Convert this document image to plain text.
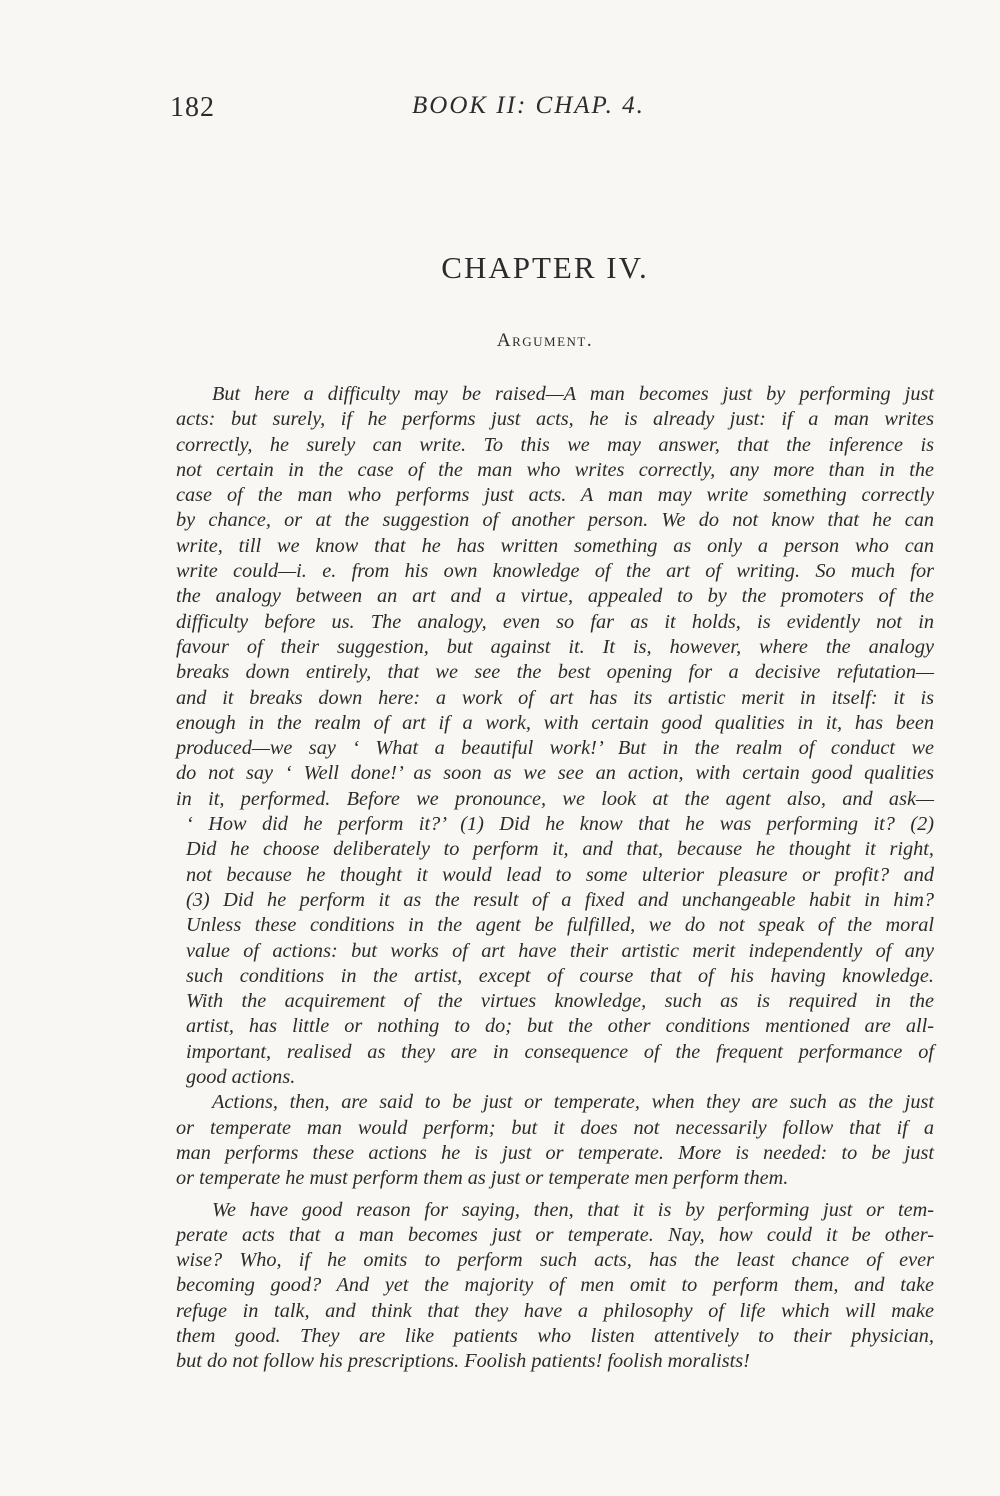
182	BOOK II: CHAP. 4.
CHAPTER IV.
Argument.
But here a difficulty may be raised—A man becomes just by performing just
acts: but surely, if he performs just acts, he is already just: if a man writes
correctly, he surely can write. To this we may answer, that the inference is
not certain in the case of the man who writes correctly, any more than in the
case of the man who performs just acts. A man may write something correctly
by chance, or at the suggestion of another person. We do not know that he can
write, till we know that he has written something as only a person who can
write could—i. e. from his own knowledge of the art of writing. So much for
the analogy between an art and a virtue, appealed to by the promoters of the
difficulty before us. The analogy, even so far as it holds, is evidently not in
favour of their suggestion, but against it. It is, however, where the analogy
breaks down entirely, that we see the best opening for a decisive refutation—
and it breaks down here: a work of art has its artistic merit in itself: it is
enough in the realm of art if a work, with certain good qualities in it, has been
produced—we say ‘ What a beautiful work!’ But in the realm of conduct we
do not say ‘ Well done!’ as soon as we see an action, with certain good qualities
in it, performed. Before we pronounce, we look at the agent also, and ask—
‘ How did he perform it?’ (1) Did he know that he was performing it? (2)
Did he choose deliberately to perform it, and that, because he thought it right,
not because he thought it would lead to some ulterior pleasure or profit? and
(3) Did he perform it as the result of a fixed and unchangeable habit in him?
Unless these conditions in the agent be fulfilled, we do not speak of the moral
value of actions: but works of art have their artistic merit independently of any
such conditions in the artist, except of course that of his having knowledge.
With the acquirement of the virtues knowledge, such as is required in the
artist, has little or nothing to do; but the other conditions mentioned are all-
important, realised as they are in consequence of the frequent performance of
good actions.
Actions, then, are said to be just or temperate, when they are such as the just
or temperate man would perform; but it does not necessarily follow that if a
man performs these actions he is just or temperate. More is needed: to be just
or temperate he must perform them as just or temperate men perform them.
We have good reason for saying, then, that it is by performing just or tem-
perate acts that a man becomes just or temperate. Nay, how could it be other-
wise? Who, if he omits to perform such acts, has the least chance of ever
becoming good? And yet the majority of men omit to perform them, and take
refuge in talk, and think that they have a philosophy of life which will make
them good. They are like patients who listen attentively to their physician,
but do not follow his prescriptions. Foolish patients! foolish moralists!
